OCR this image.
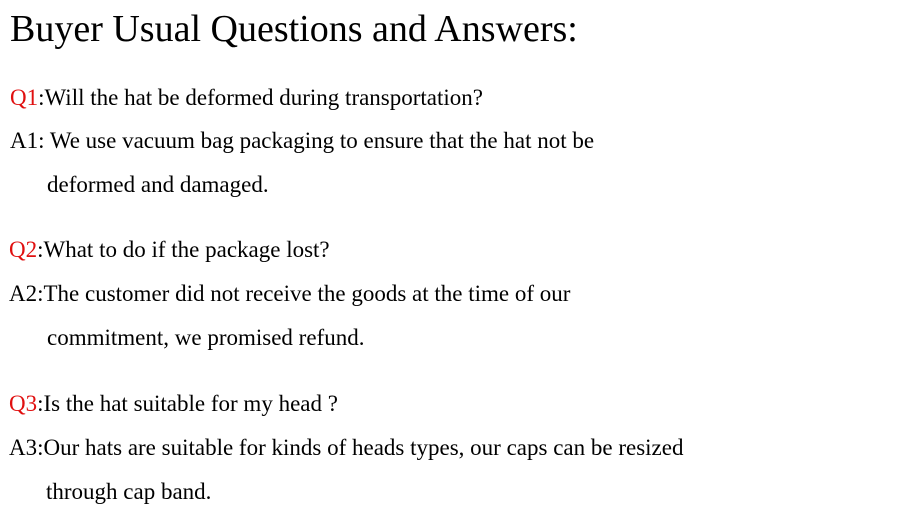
Buyer Usual Questions and Answers:
Q1:Will the hat be deformed during transportation?
A1: We use vacuum bag packaging to ensure that the hat not be
deformed and damaged.
Q2:What to do if the package lost?
A2:The customer did not receive the goods at the time of our
commitment, we promised refund.
Q3:Is the hat suitable for my head ?
A3:Our hats are suitable for kinds of heads types, our caps can be resized
through cap band.
